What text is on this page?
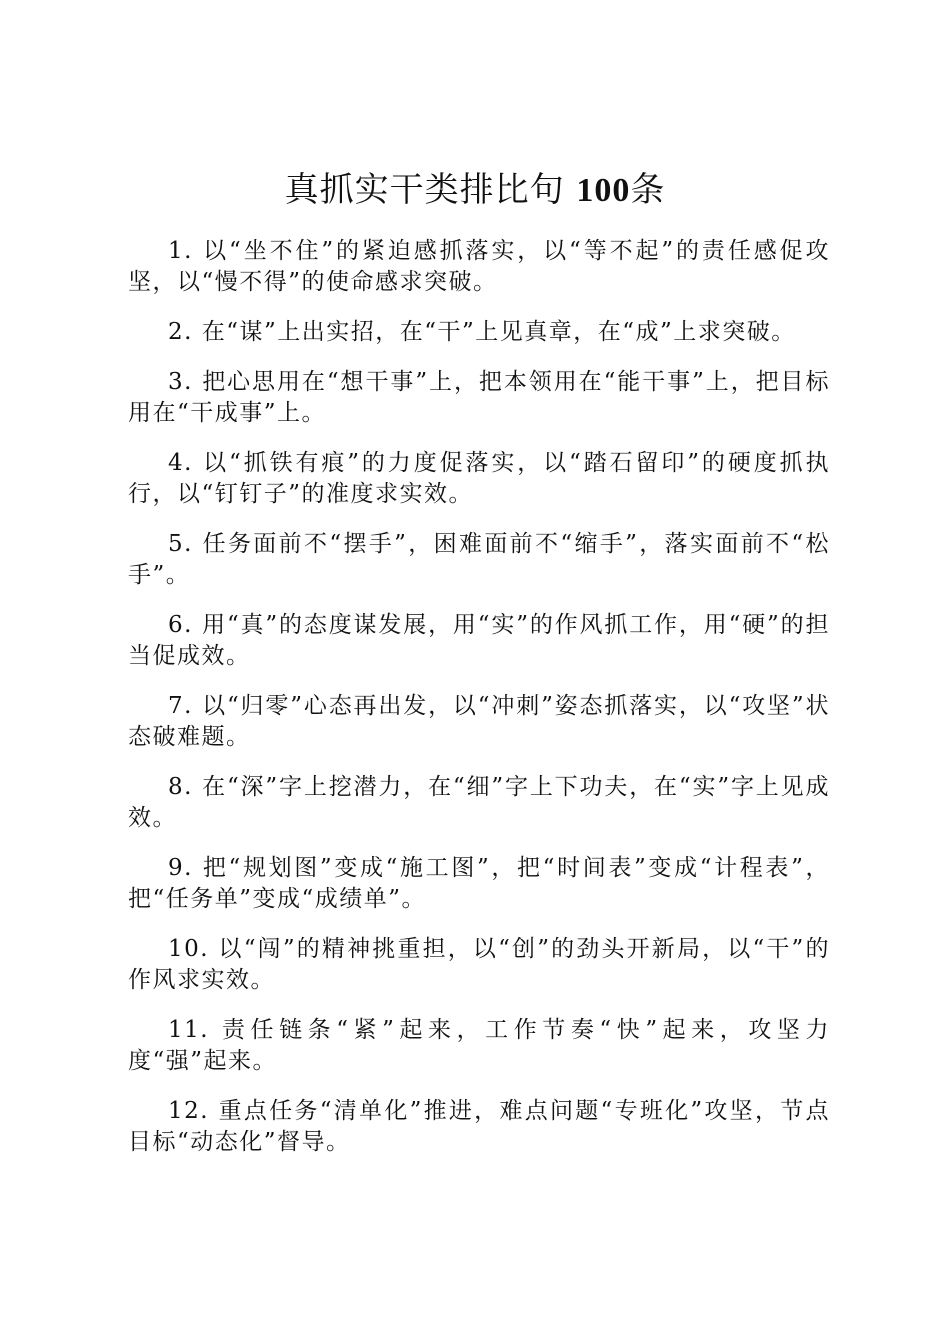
真抓实干类排比句 100条
1. 以“坐不住”的紧迫感抓落实，以“等不起”的责任感促攻坚，以“慢不得”的使命感求突破。
2. 在“谋”上出实招，在“干”上见真章，在“成”上求突破。
3. 把心思用在“想干事”上，把本领用在“能干事”上，把目标用在“干成事”上。
4. 以“抓铁有痕”的力度促落实，以“踏石留印”的硬度抓执行，以“钉钉子”的准度求实效。
5. 任务面前不“摆手”，困难面前不“缩手”，落实面前不“松手”。
6. 用“真”的态度谋发展，用“实”的作风抓工作，用“硬”的担当促成效。
7. 以“归零”心态再出发，以“冲刺”姿态抓落实，以“攻坚”状态破难题。
8. 在“深”字上挖潜力，在“细”字上下功夫，在“实”字上见成效。
9. 把“规划图”变成“施工图”，把“时间表”变成“计程表”，把“任务单”变成“成绩单”。
10. 以“闯”的精神挑重担，以“创”的劲头开新局，以“干”的作风求实效。
11. 责任链条“紧”起来，工作节奏“快”起来，攻坚力度“强”起来。
12. 重点任务“清单化”推进，难点问题“专班化”攻坚，节点目标“动态化”督导。
